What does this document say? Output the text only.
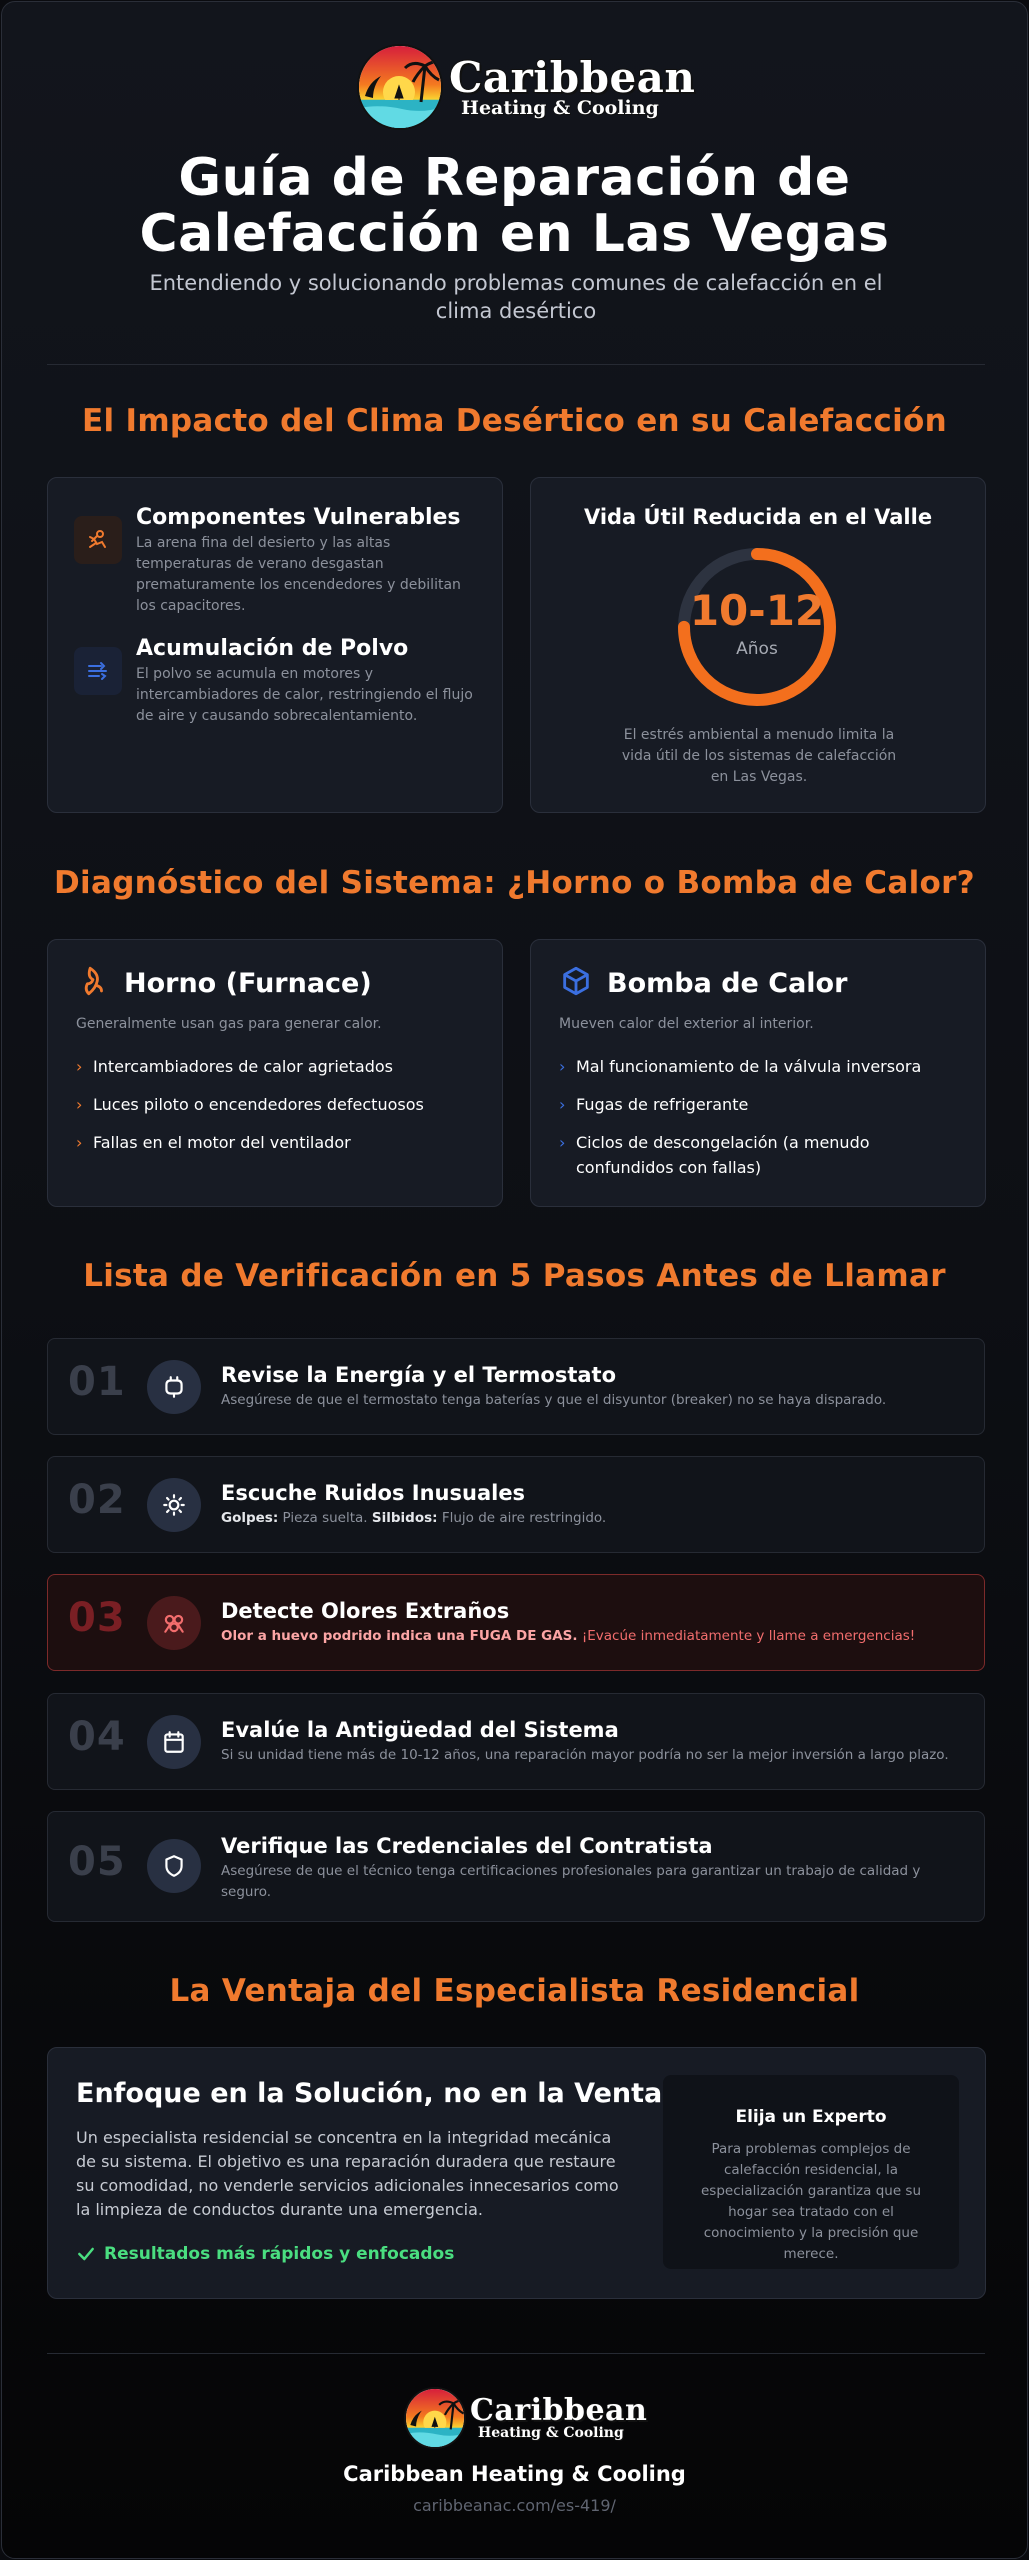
Caribbean
Heating & Cooling
Guía de Reparación de
Calefacción en Las Vegas

Entendiendo y solucionando problemas comunes de calefacción en el clima desértico

El Impacto del Clima Desértico en su Calefacción
Componentes Vulnerables
La arena fina del desierto y las altas temperaturas de verano desgastan prematuramente los encendedores y debilitan los capacitores.
Acumulación de Polvo
El polvo se acumula en motores y intercambiadores de calor, restringiendo el flujo de aire y causando sobrecalentamiento.
Vida Útil Reducida en el Valle
10-12
Años
El estrés ambiental a menudo limita la vida útil de los sistemas de calefacción en Las Vegas.
Diagnóstico del Sistema: ¿Horno o Bomba de Calor?
Horno (Furnace)
Generalmente usan gas para generar calor.
› Intercambiadores de calor agrietados
› Luces piloto o encendedores defectuosos
› Fallas en el motor del ventilador
Bomba de Calor
Mueven calor del exterior al interior.
› Mal funcionamiento de la válvula inversora
› Fugas de refrigerante
› Ciclos de descongelación (a menudo confundidos con fallas)
Lista de Verificación en 5 Pasos Antes de Llamar
01	Revise la Energía y el Termostato
Asegúrese de que el termostato tenga baterías y que el disyuntor (breaker) no se haya disparado.
02	Escuche Ruidos Inusuales
Golpes: Pieza suelta. Silbidos: Flujo de aire restringido.
03	Detecte Olores Extraños
Olor a huevo podrido indica una FUGA DE GAS. ¡Evacúe inmediatamente y llame a emergencias!
04	Evalúe la Antigüedad del Sistema
Si su unidad tiene más de 10-12 años, una reparación mayor podría no ser la mejor inversión a largo plazo.
05	Verifique las Credenciales del Contratista
Asegúrese de que el técnico tenga certificaciones profesionales para garantizar un trabajo de calidad y seguro.
La Ventaja del Especialista Residencial
Enfoque en la Solución, no en la Venta
Un especialista residencial se concentra en la integridad mecánica de su sistema. El objetivo es una reparación duradera que restaure su comodidad, no venderle servicios adicionales innecesarios como la limpieza de conductos durante una emergencia.
Resultados más rápidos y enfocados
Elija un Experto
Para problemas complejos de calefacción residencial, la especialización garantiza que su hogar sea tratado con el conocimiento y la precisión que merece.
Caribbean
Heating & Cooling
Caribbean Heating & Cooling
caribbeanac.com/es-419/
